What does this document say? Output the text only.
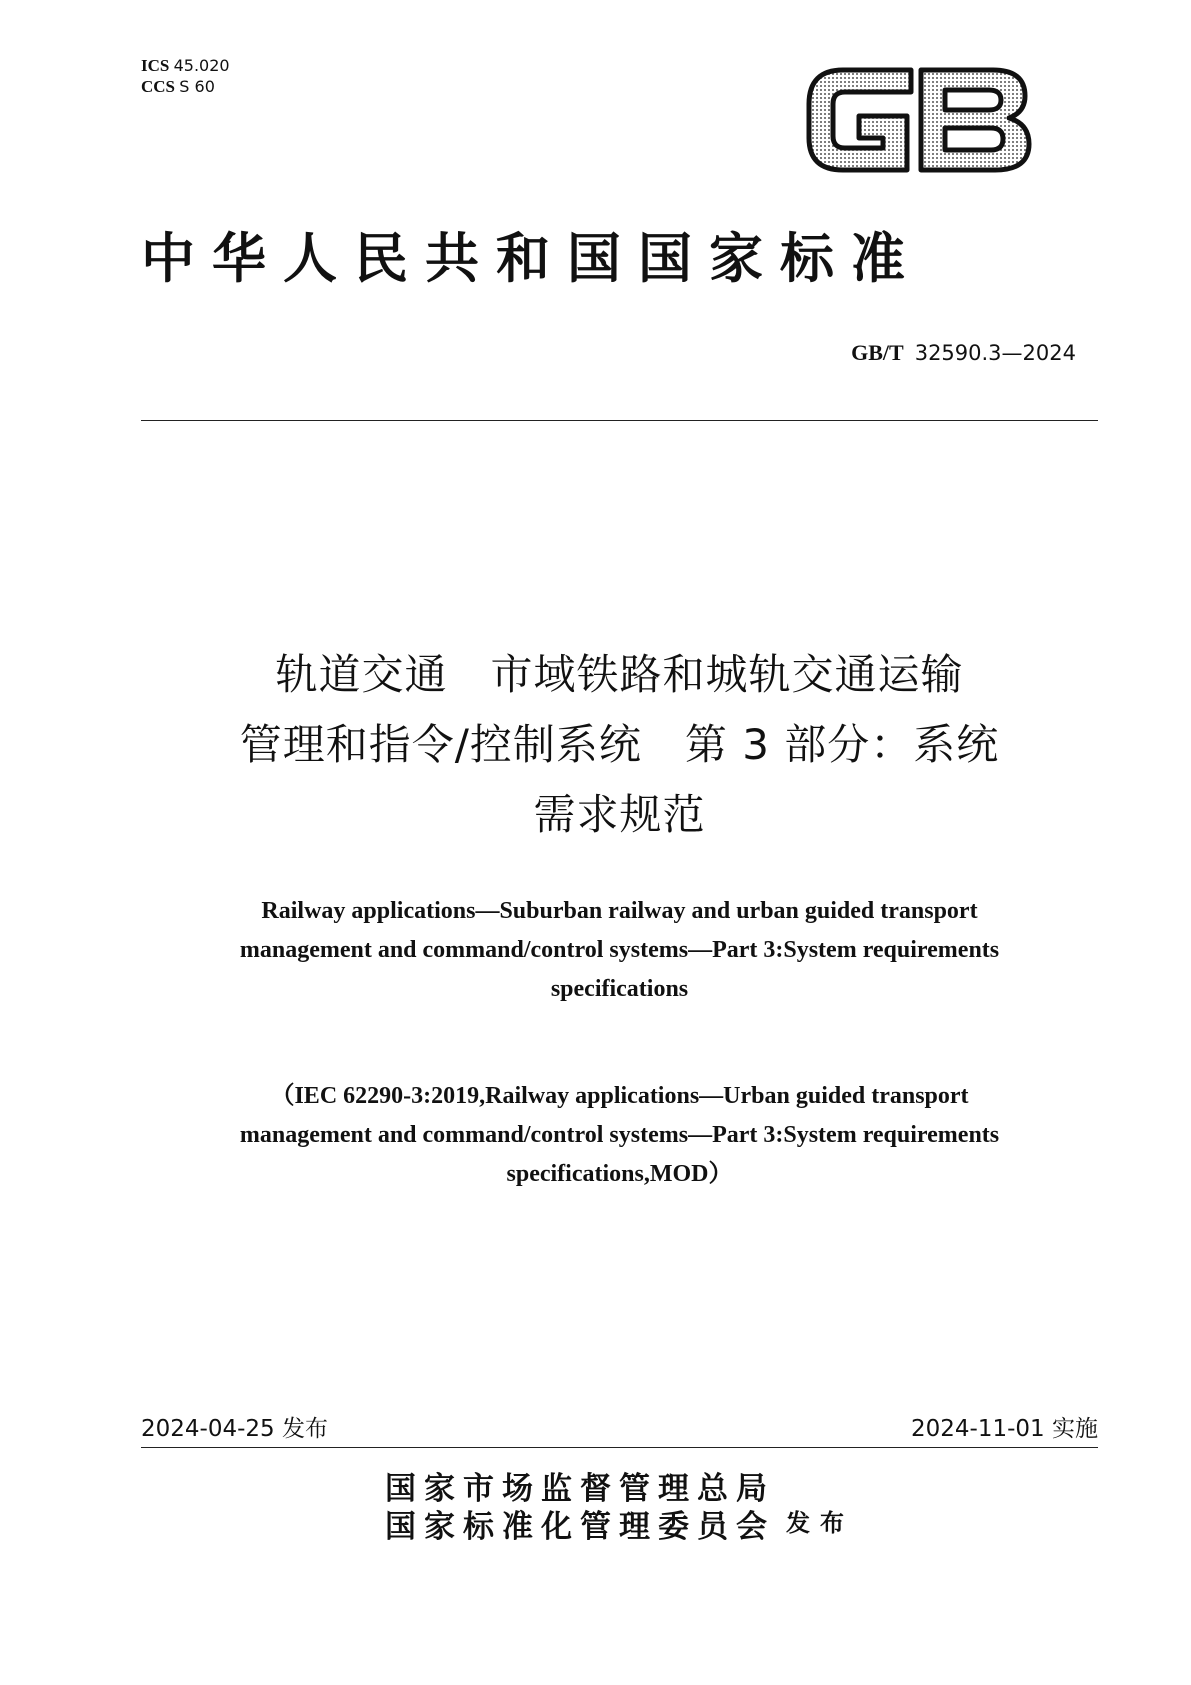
ICS 45.020
CCS S 60
中华人民共和国国家标准
GB/T 32590.3—2024
轨道交通　市域铁路和城轨交通运输
管理和指令/控制系统　第 3 部分：系统
需求规范
Railway applications—Suburban railway and urban guided transport
management and command/control systems—Part 3:System requirements
specifications
（IEC 62290-3:2019,Railway applications—Urban guided transport
management and command/control systems—Part 3:System requirements
specifications,MOD）
2024-04-25 发布	2024-11-01 实施
国家市场监督管理总局
国家标准化管理委员会 发布
